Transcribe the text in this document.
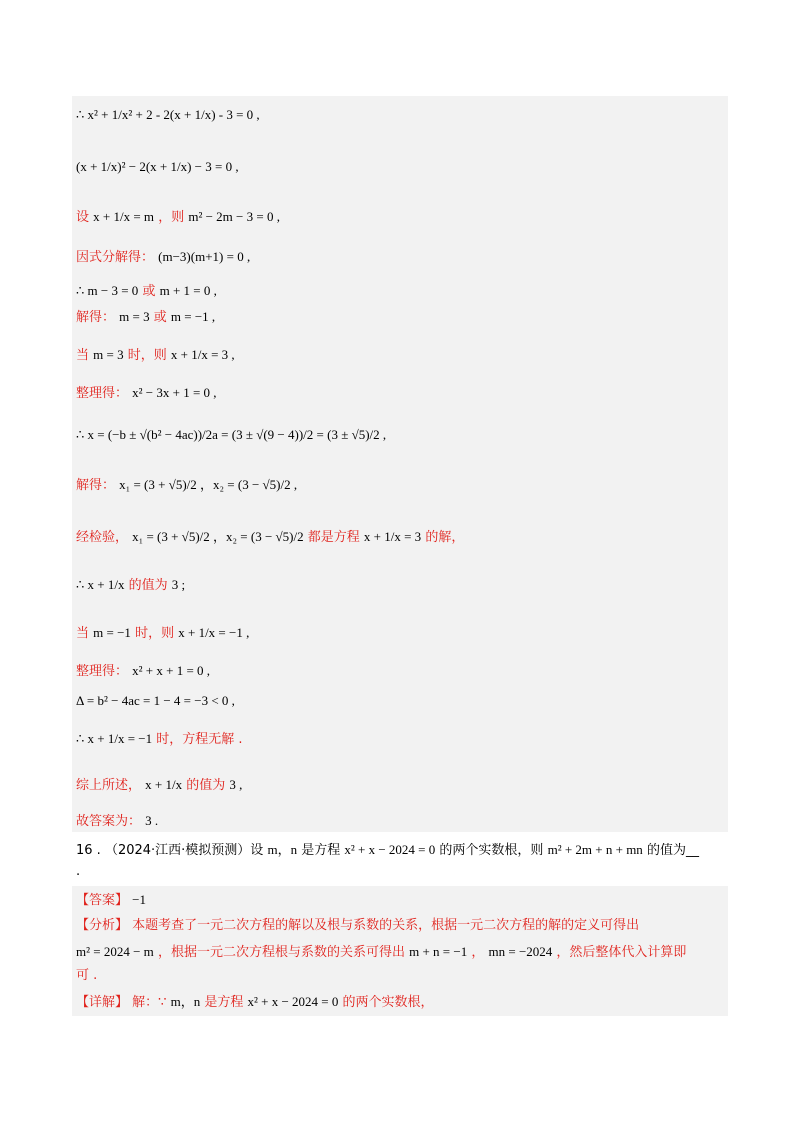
∴ x² + 1/x² + 2 - 2(x + 1/x) - 3 = 0 ,
(x + 1/x)² − 2(x + 1/x) − 3 = 0 ,
设 x + 1/x = m ，则 m² − 2m − 3 = 0 ,
因式分解得： (m−3)(m+1) = 0 ,
∴ m − 3 = 0 或 m + 1 = 0 ,
解得： m = 3 或 m = −1 ,
当 m = 3 时，则 x + 1/x = 3 ,
整理得： x² − 3x + 1 = 0 ,
∴ x = (−b ± √(b² − 4ac))/2a = (3 ± √(9 − 4))/2 = (3 ± √5)/2 ,
解得： x₁ = (3 + √5)/2 ，x₂ = (3 − √5)/2 ,
经检验， x₁ = (3 + √5)/2 ，x₂ = (3 − √5)/2 都是方程 x + 1/x = 3 的解，
∴ x + 1/x 的值为 3 ;
当 m = −1 时，则 x + 1/x = −1 ,
整理得： x² + x + 1 = 0 ,
Δ = b² − 4ac = 1 − 4 = −3 < 0 ,
∴ x + 1/x = −1 时，方程无解 .
综上所述， x + 1/x 的值为 3 ,
故答案为： 3 .
16 . （2024·江西·模拟预测）设 m，n 是方程 x² + x − 2024 = 0 的两个实数根，则 m² + 2m + n + mn 的值为__
.
【答案】 −1
【分析】 本题考查了一元二次方程的解以及根与系数的关系，根据一元二次方程的解的定义可得出
m² = 2024 − m ，根据一元二次方程根与系数的关系可得出 m + n = −1 ， mn = −2024 ，然后整体代入计算即
可 .
【详解】 解：∵ m，n 是方程 x² + x − 2024 = 0 的两个实数根，
